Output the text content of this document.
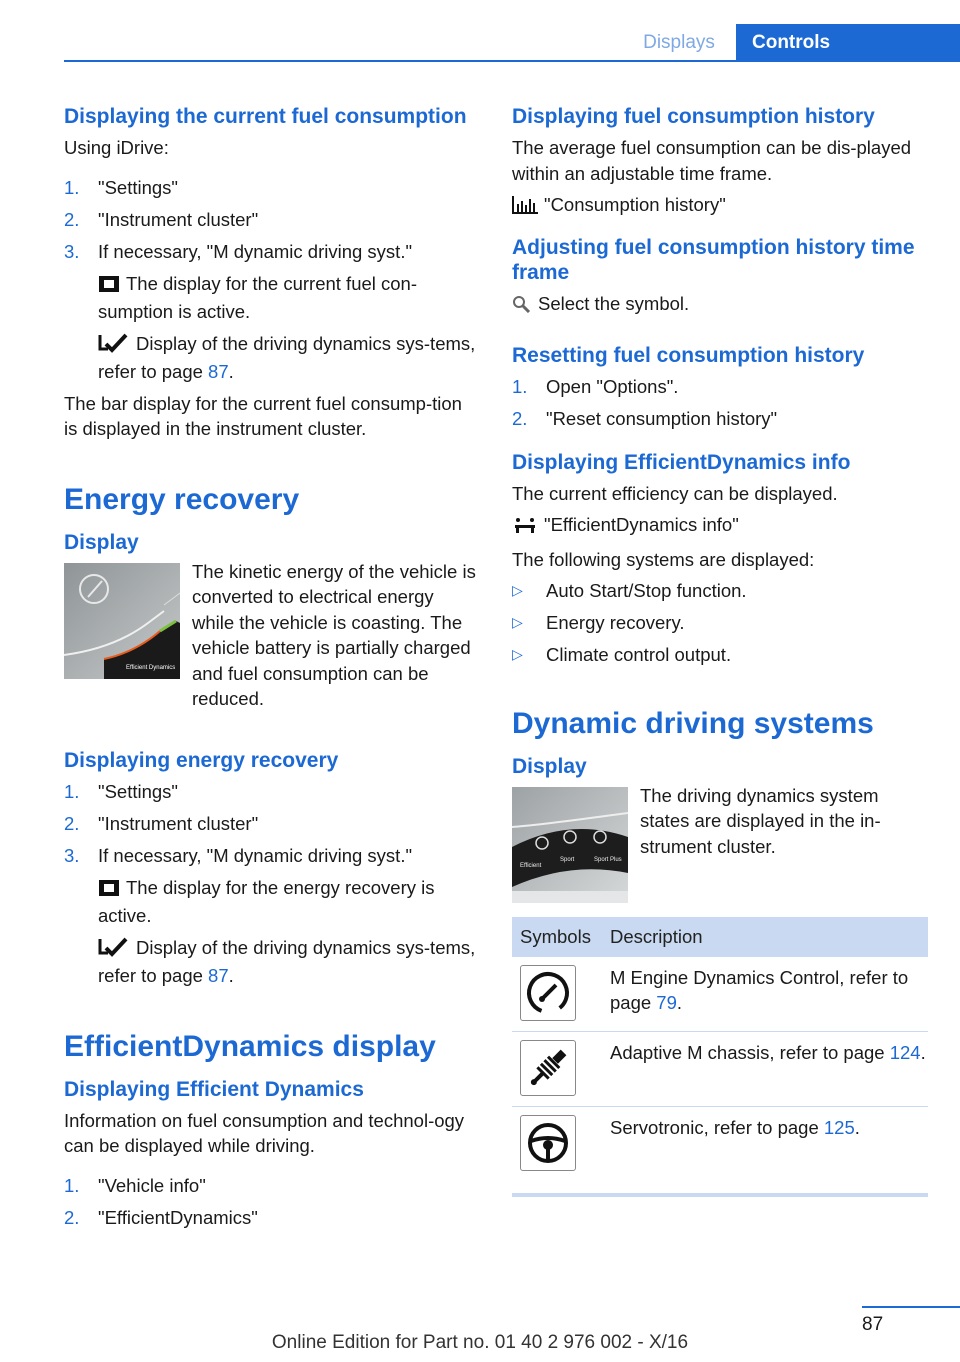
Displays	Controls
Displaying the current fuel consumption
Using iDrive:
1. "Settings"
2. "Instrument cluster"
3. If necessary, "M dynamic driving syst."
The display for the current fuel con-sumption is active.
Display of the driving dynamics sys-tems, refer to page 87.
The bar display for the current fuel consump-tion is displayed in the instrument cluster.
Energy recovery
Display
Efficient Dynamics
The kinetic energy of the vehicle is converted to electrical energy while the vehicle is coasting. The vehicle battery is partially charged and fuel consumption can be reduced.
Displaying energy recovery
1. "Settings"
2. "Instrument cluster"
3. If necessary, "M dynamic driving syst."
The display for the energy recovery is active.
Display of the driving dynamics sys-tems, refer to page 87.
EfficientDynamics display
Displaying Efficient Dynamics
Information on fuel consumption and technol-ogy can be displayed while driving.
1. "Vehicle info"
2. "EfficientDynamics"
Displaying fuel consumption history
The average fuel consumption can be dis-played within an adjustable time frame.
"Consumption history"
Adjusting fuel consumption history time frame
Select the symbol.
Resetting fuel consumption history
1. Open "Options".
2. "Reset consumption history"
Displaying EfficientDynamics info
The current efficiency can be displayed.
"EfficientDynamics info"
The following systems are displayed:
▷ Auto Start/Stop function.
▷ Energy recovery.
▷ Climate control output.
Dynamic driving systems
Display
Efficient
Sport	Sport Plus
The driving dynamics system states are displayed in the in-strument cluster.
Symbols	Description

	M Engine Dynamics Control, refer to page 79.

	Adaptive M chassis, refer to page 124.

	Servotronic, refer to page 125.
87
Online Edition for Part no. 01 40 2 976 002 - X/16
